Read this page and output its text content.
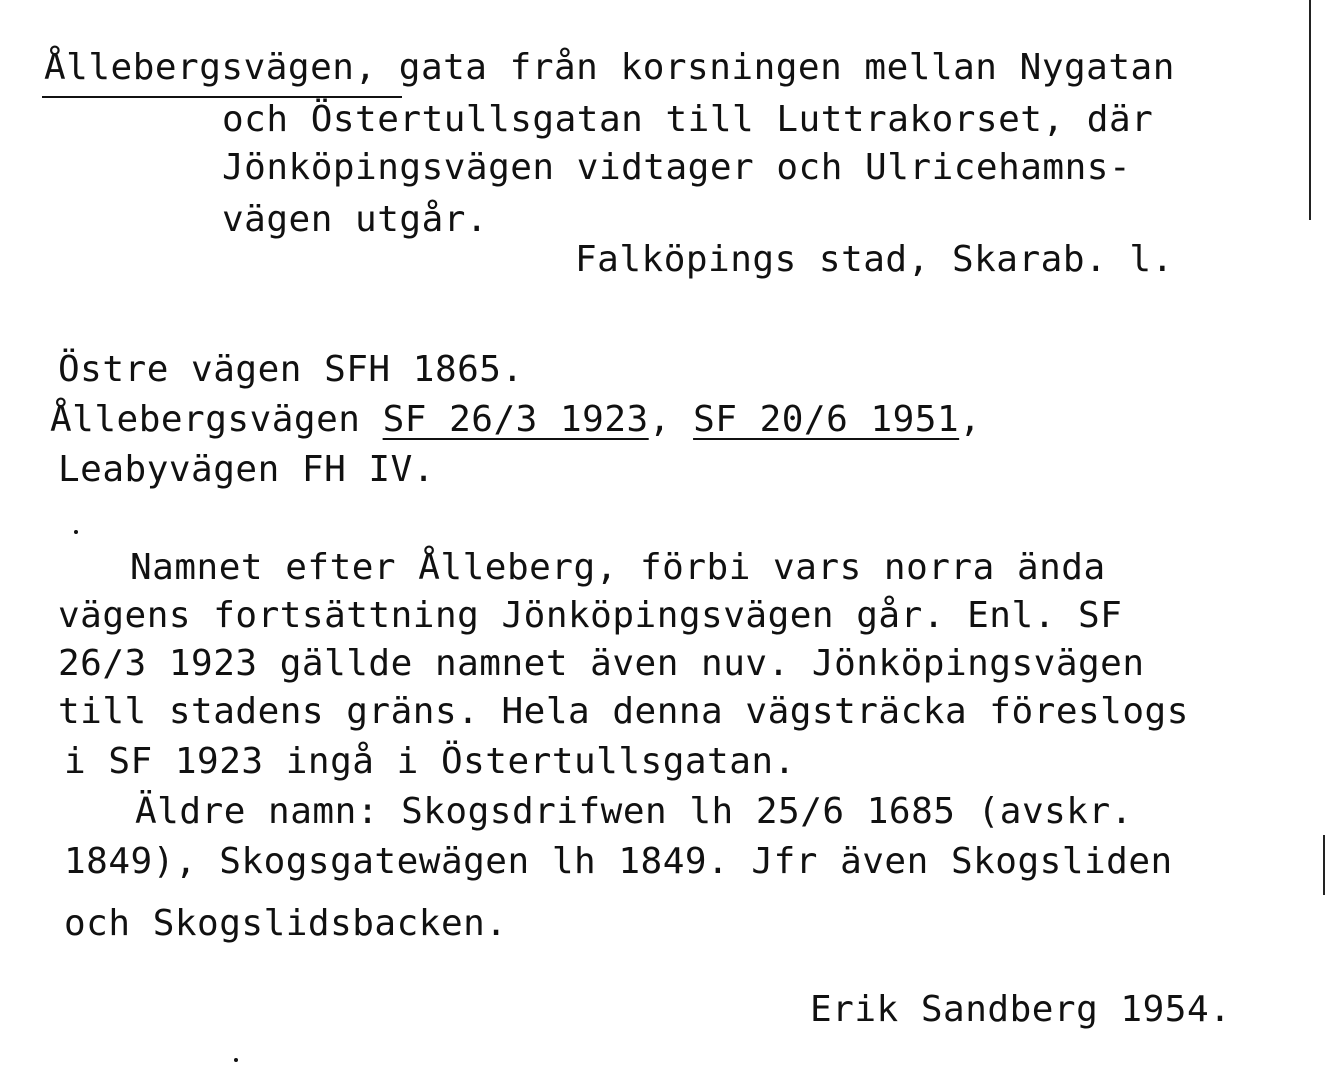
Ållebergsvägen, gata från korsningen mellan Nygatan
och Östertullsgatan till Luttrakorset, där
Jönköpingsvägen vidtager och Ulricehamns-
vägen utgår.
Falköpings stad, Skarab. l.
Östre vägen SFH 1865.
Ållebergsvägen SF 26/3 1923, SF 20/6 1951,
Leabyvägen FH IV.
Namnet efter Ålleberg, förbi vars norra ända
vägens fortsättning Jönköpingsvägen går. Enl. SF
26/3 1923 gällde namnet även nuv. Jönköpingsvägen
till stadens gräns. Hela denna vägsträcka föreslogs
i SF 1923 ingå i Östertullsgatan.
Äldre namn: Skogsdrifwen lh 25/6 1685 (avskr.
1849), Skogsgatewägen lh 1849. Jfr även Skogsliden
och Skogslidsbacken.
Erik Sandberg 1954.
